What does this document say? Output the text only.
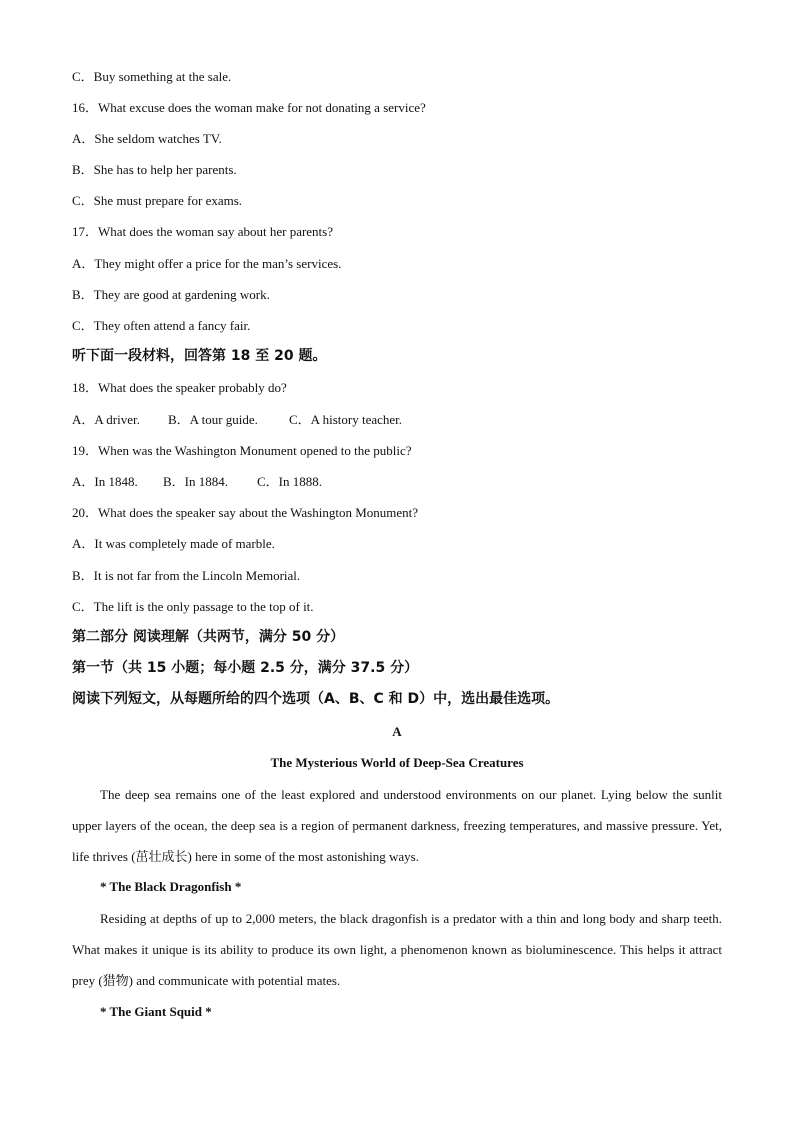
C．Buy something at the sale.
16．What excuse does the woman make for not donating a service?
A．She seldom watches TV.
B．She has to help her parents.
C．She must prepare for exams.
17．What does the woman say about her parents?
A．They might offer a price for the man’s services.
B．They are good at gardening work.
C．They often attend a fancy fair.
听下面一段材料，回答第 18 至 20 题。
18．What does the speaker probably do?
A．A driver. B．A tour guide. C．A history teacher.
19．When was the Washington Monument opened to the public?
A．In 1848. B．In 1884. C．In 1888.
20．What does the speaker say about the Washington Monument?
A．It was completely made of marble.
B．It is not far from the Lincoln Memorial.
C．The lift is the only passage to the top of it.
第二部分 阅读理解（共两节，满分 50 分）
第一节（共 15 小题；每小题 2.5 分，满分 37.5 分）
阅读下列短文，从每题所给的四个选项（A、B、C 和 D）中，选出最佳选项。
A
The Mysterious World of Deep-Sea Creatures
The deep sea remains one of the least explored and understood environments on our planet. Lying below the sunlit upper layers of the ocean, the deep sea is a region of permanent darkness, freezing temperatures, and massive pressure. Yet, life thrives (茁壮成长) here in some of the most astonishing ways.
* The Black Dragonfish *
Residing at depths of up to 2,000 meters, the black dragonfish is a predator with a thin and long body and sharp teeth. What makes it unique is its ability to produce its own light, a phenomenon known as bioluminescence. This helps it attract prey (猎物) and communicate with potential mates.
* The Giant Squid *
